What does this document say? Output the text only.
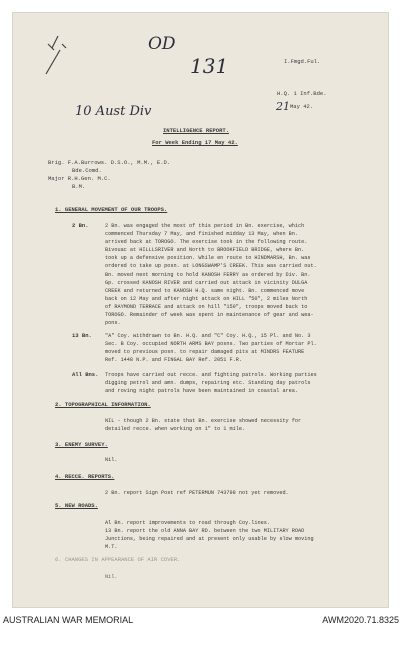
OD
131
10 Aust Div	21
I.Fmgd.Ful.
H.Q. 1 Inf.Bde.
May 42.
INTELLIGENCE REPORT.
For Week Ending 17 May 42.
Brig. F.A.Burrows. D.S.O., M.M., E.D.
Bde.Comd.
Major R.H.Gen. M.C.
B.M.
1. GENERAL MOVEMENT OF OUR TROOPS.
2 Bn.	2 Bn. was engaged the most of this period in Bn. exercise, which
commenced Thursday 7 May, and finished midday 13 May, when Bn.
arrived back at TOROGO. The exercise took in the following route.
Bivouac at HILLLSRIVER and North to BROOKFIELD BRIDGE, where Bn.
took up a defensive position. While en route to HINDMARSH, Bn. was
ordered to take up posn. at LONGSWAMP'S CREEK. This was carried out.
Bn. moved next morning to hold KANOSH FERRY as ordered by Div. Bn.
Gp. crossed KANOSH RIVER and carried out attack in vicinity DULGA
CREEK and returned to KANOSH H.Q. same night. Bn. commenced move
back on 12 May and after night attack on HILL "50", 2 miles North
of RAYMOND TERRACE and attack on hill "150", troops moved back to
TOROGO. Remainder of week was spent in maintenance of gear and wea-
pons.
13 Bn.	"A" Coy. withdrawn to Bn. H.Q. and "C" Coy. H.Q., 15 Pl. and No. 3
Sec. B Coy. occupied NORTH ARMS BAY posns. Two parties of Mortar Pl.
moved to previous posn. to repair damaged pits at MINDRS FEATURE
Ref. 1448 N.P. and FINGAL BAY Ref. 2051 F.R.
All Bns. Troops have carried out recce. and fighting patrols. Working parties
digging petrol and amn. dumps, repairing etc. Standing day patrols
and roving night patrols have been maintained in coastal area.
2. TOPOGRAPHICAL INFORMATION.
NIL - though 2 Bn. state that Bn. exercise showed necessity for
detailed recce. when working on 1" to 1 mile.
3. ENEMY SURVEY.
Nil.
4. RECCE. REPORTS.
2 Bn. report Sign Post ref PETERMUN 743798 not yet removed.
5. NEW ROADS.
Al Bn. report improvements to road through Coy.lines.
13 Bn. report the old ANNA BAY RD. between the two MILITARY ROAD
Junctions, being repaired and at present only usable by slow moving
M.T.
6. CHANGES IN APPEARANCE OF AIR COVER.
Nil.
AUSTRALIAN WAR MEMORIAL	AWM2020.71.8325
